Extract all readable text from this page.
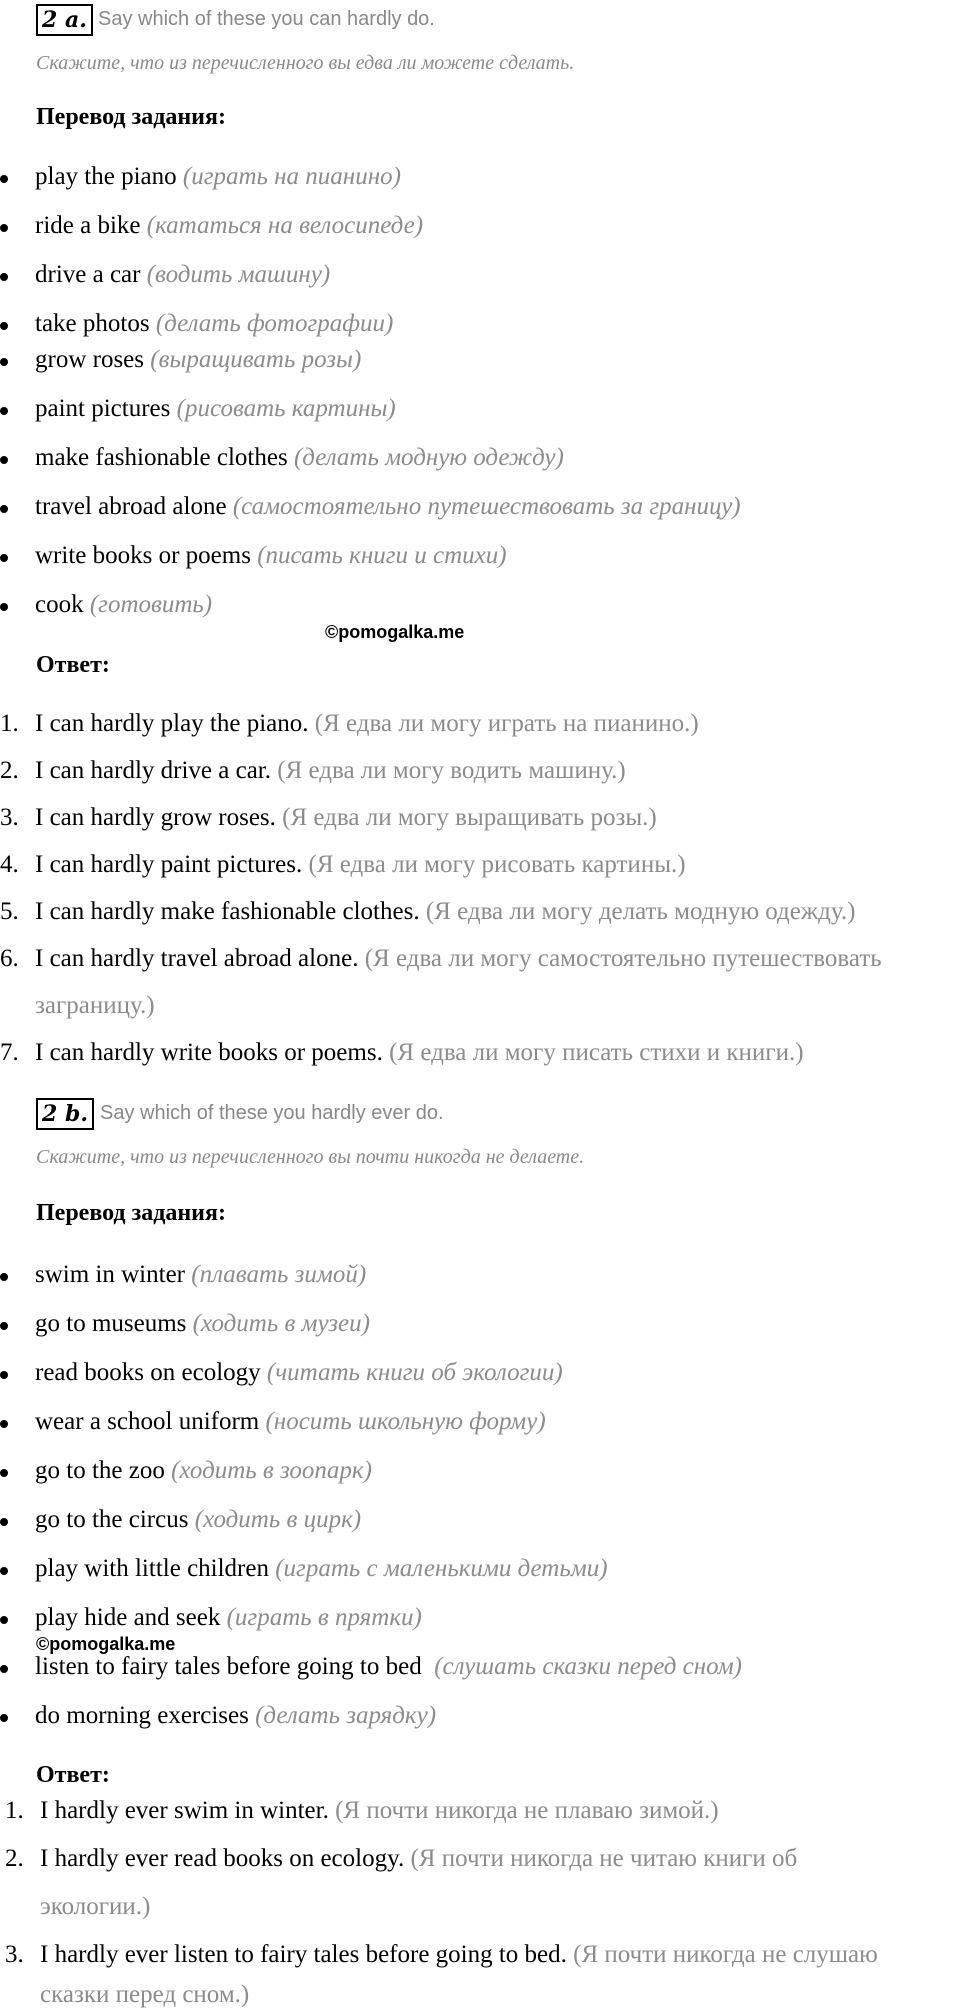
2 a. Say which of these you can hardly do.
Скажите, что из перечисленного вы едва ли можете сделать.
Перевод задания:
play the piano (играть на пианино)
ride a bike (кататься на велосипеде)
drive a car (водить машину)
take photos (делать фотографии)
grow roses (выращивать розы)
paint pictures (рисовать картины)
make fashionable clothes (делать модную одежду)
travel abroad alone (самостоятельно путешествовать за границу)
write books or poems (писать книги и стихи)
cook (готовить)
©pomogalka.me
Ответ:
1. I can hardly play the piano. (Я едва ли могу играть на пианино.)
2. I can hardly drive a car. (Я едва ли могу водить машину.)
3. I can hardly grow roses. (Я едва ли могу выращивать розы.)
4. I can hardly paint pictures. (Я едва ли могу рисовать картины.)
5. I can hardly make fashionable clothes. (Я едва ли могу делать модную одежду.)
6. I can hardly travel abroad alone. (Я едва ли могу самостоятельно путешествовать
заграницу.)
7. I can hardly write books or poems. (Я едва ли могу писать стихи и книги.)
2 b. Say which of these you hardly ever do.
Скажите, что из перечисленного вы почти никогда не делаете.
Перевод задания:
swim in winter (плавать зимой)
go to museums (ходить в музеи)
read books on ecology (читать книги об экологии)
wear a school uniform (носить школьную форму)
go to the zoo (ходить в зоопарк)
go to the circus (ходить в цирк)
play with little children (играть с маленькими детьми)
play hide and seek (играть в прятки)
©pomogalka.me
listen to fairy tales before going to bed (слушать сказки перед сном)
do morning exercises (делать зарядку)
Ответ:
1. I hardly ever swim in winter. (Я почти никогда не плаваю зимой.)
2. I hardly ever read books on ecology. (Я почти никогда не читаю книги об
экологии.)
3. I hardly ever listen to fairy tales before going to bed. (Я почти никогда не слушаю
сказки перед сном.)
